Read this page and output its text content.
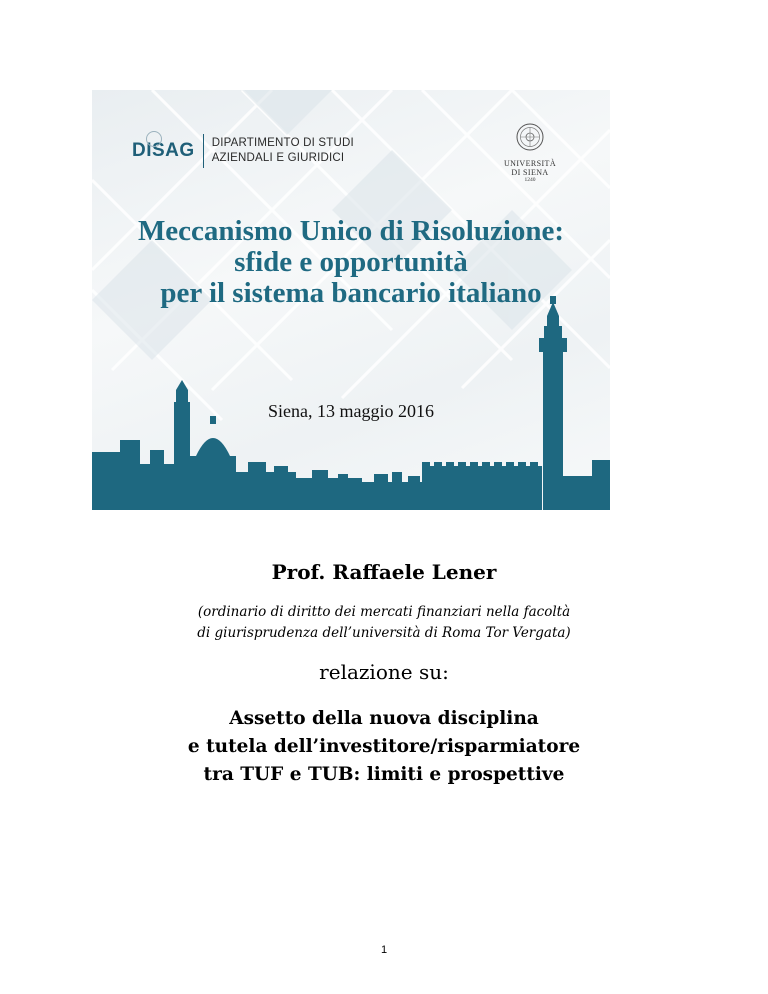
DISAG DIPARTIMENTO DI STUDI
AZIENDALI E GIURIDICI	UNIVERSITÀ
DI SIENA
1240
Meccanismo Unico di Risoluzione:
sfide e opportunità
per il sistema bancario italiano
Siena, 13 maggio 2016
Prof. Raffaele Lener
(ordinario di diritto dei mercati finanziari nella facoltà
di giurisprudenza dell’università di Roma Tor Vergata)
relazione su:
Assetto della nuova disciplina
e tutela dell’investitore/risparmiatore
tra TUF e TUB: limiti e prospettive
1
